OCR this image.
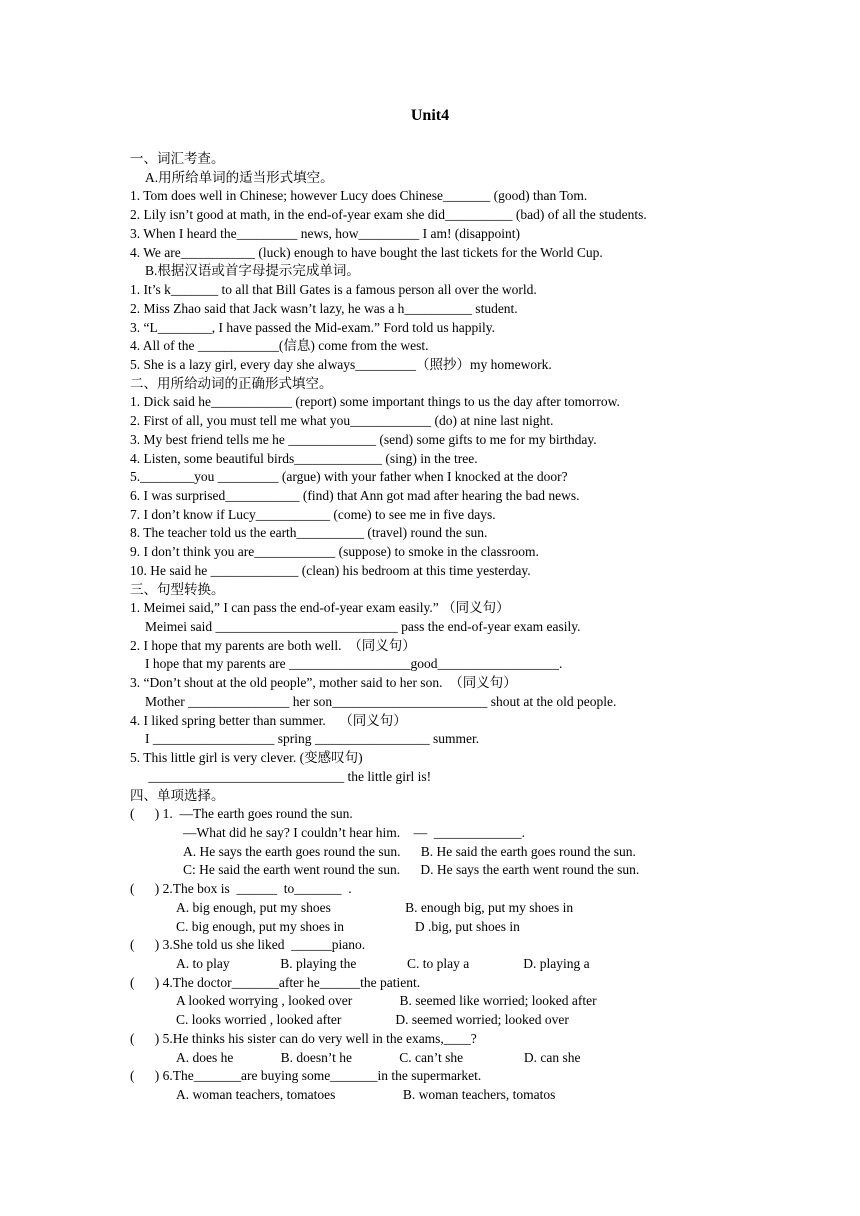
Unit4
一、词汇考查。
A.用所给单词的适当形式填空。
1. Tom does well in Chinese; however Lucy does Chinese_______ (good) than Tom.
2. Lily isn’t good at math, in the end-of-year exam she did__________ (bad) of all the students.
3. When I heard the_________ news, how_________ I am! (disappoint)
4. We are___________ (luck) enough to have bought the last tickets for the World Cup.
B.根据汉语或首字母提示完成单词。
1. It’s k_______ to all that Bill Gates is a famous person all over the world.
2. Miss Zhao said that Jack wasn’t lazy, he was a h__________ student.
3. “L________, I have passed the Mid-exam.” Ford told us happily.
4. All of the ____________(信息) come from the west.
5. She is a lazy girl, every day she always_________（照抄）my homework.
二、用所给动词的正确形式填空。
1. Dick said he____________ (report) some important things to us the day after tomorrow.
2. First of all, you must tell me what you____________ (do) at nine last night.
3. My best friend tells me he _____________ (send) some gifts to me for my birthday.
4. Listen, some beautiful birds_____________ (sing) in the tree.
5.________you _________ (argue) with your father when I knocked at the door?
6. I was surprised___________ (find) that Ann got mad after hearing the bad news.
7. I don’t know if Lucy___________ (come) to see me in five days.
8. The teacher told us the earth__________ (travel) round the sun.
9. I don’t think you are____________ (suppose) to smoke in the classroom.
10. He said he _____________ (clean) his bedroom at this time yesterday.
三、句型转换。
1. Meimei said,” I can pass the end-of-year exam easily.” （同义句）
Meimei said ___________________________ pass the end-of-year exam easily.
2. I hope that my parents are both well.  （同义句）
I hope that my parents are __________________good__________________.
3. “Don’t shout at the old people”, mother said to her son.  （同义句）
Mother _______________ her son_______________________ shout at the old people.
4. I liked spring better than summer.    （同义句）
I __________________ spring _________________ summer.
5. This little girl is very clever. (变感叹句)
_____________________________ the little girl is!
四、单项选择。
(      ) 1.  —The earth goes round the sun.
—What did he say? I couldn’t hear him.    —  _____________.
A. He says the earth goes round the sun.      B. He said the earth goes round the sun.
C: He said the earth went round the sun.      D. He says the earth went round the sun.
(      ) 2.The box is  ______  to_______  .
A. big enough, put my shoes                      B. enough big, put my shoes in
C. big enough, put my shoes in                     D .big, put shoes in
(      ) 3.She told us she liked  ______piano.
A. to play               B. playing the               C. to play a                D. playing a
(      ) 4.The doctor_______after he______the patient.
A looked worrying , looked over              B. seemed like worried; looked after
C. looks worried , looked after                D. seemed worried; looked over
(      ) 5.He thinks his sister can do very well in the exams,____?
A. does he              B. doesn’t he              C. can’t she                  D. can she
(      ) 6.The_______are buying some_______in the supermarket.
A. woman teachers, tomatoes                    B. woman teachers, tomatos
